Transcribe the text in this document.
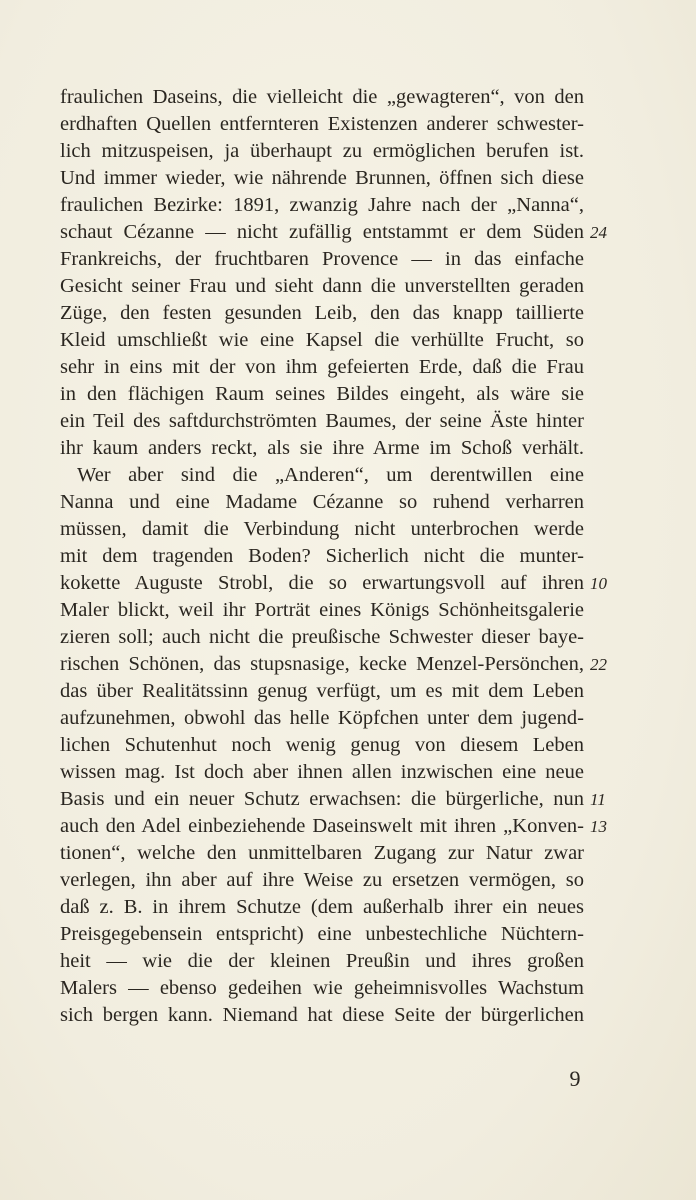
fraulichen Daseins, die vielleicht die „gewagteren“, von den
erdhaften Quellen entfernteren Existenzen anderer schwester-
lich mitzuspeisen, ja überhaupt zu ermöglichen berufen ist.
Und immer wieder, wie nährende Brunnen, öffnen sich diese
fraulichen Bezirke: 1891, zwanzig Jahre nach der „Nanna“,
schaut Cézanne — nicht zufällig entstammt er dem Süden
Frankreichs, der fruchtbaren Provence — in das einfache
Gesicht seiner Frau und sieht dann die unverstellten geraden
Züge, den festen gesunden Leib, den das knapp taillierte
Kleid umschließt wie eine Kapsel die verhüllte Frucht, so
sehr in eins mit der von ihm gefeierten Erde, daß die Frau
in den flächigen Raum seines Bildes eingeht, als wäre sie
ein Teil des saftdurchströmten Baumes, der seine Äste hinter
ihr kaum anders reckt, als sie ihre Arme im Schoß verhält.
Wer aber sind die „Anderen“, um derentwillen eine
Nanna und eine Madame Cézanne so ruhend verharren
müssen, damit die Verbindung nicht unterbrochen werde
mit dem tragenden Boden? Sicherlich nicht die munter-
kokette Auguste Strobl, die so erwartungsvoll auf ihren
Maler blickt, weil ihr Porträt eines Königs Schönheitsgalerie
zieren soll; auch nicht die preußische Schwester dieser baye-
rischen Schönen, das stupsnasige, kecke Menzel-Persönchen,
das über Realitätssinn genug verfügt, um es mit dem Leben
aufzunehmen, obwohl das helle Köpfchen unter dem jugend-
lichen Schutenhut noch wenig genug von diesem Leben
wissen mag. Ist doch aber ihnen allen inzwischen eine neue
Basis und ein neuer Schutz erwachsen: die bürgerliche, nun
auch den Adel einbeziehende Daseinswelt mit ihren „Konven-
tionen“, welche den unmittelbaren Zugang zur Natur zwar
verlegen, ihn aber auf ihre Weise zu ersetzen vermögen, so
daß z. B. in ihrem Schutze (dem außerhalb ihrer ein neues
Preisgegebensein entspricht) eine unbestechliche Nüchtern-
heit — wie die der kleinen Preußin und ihres großen
Malers — ebenso gedeihen wie geheimnisvolles Wachstum
sich bergen kann. Niemand hat diese Seite der bürgerlichen
24
10
22
11
13
9
